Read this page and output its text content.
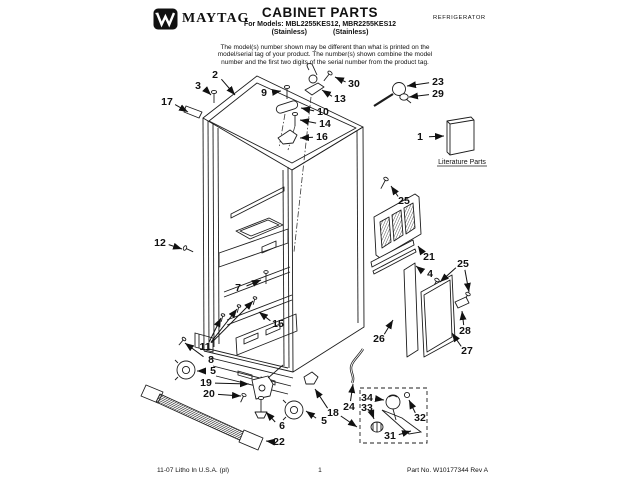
MAYTAG CABINET PARTS
For Models: MBL2255KES12, MBR2255KES12
(Stainless)	(Stainless)
REFRIGERATOR
The model(s) number shown may be different than what is printed on the
model/serial tag of your product. The number(s) shown combine the model
number and the first two digits of the serial number from the product tag.
Literature Parts
1
2
3
17
9
30
13
10
14
16
23
29
25
21
4
25
28
27
26
12
7
15
11
8
5
19
20
6
22
5
18 24
34
33
32
31
11-07 Litho In U.S.A. (pl)	1	Part No. W10177344 Rev A
